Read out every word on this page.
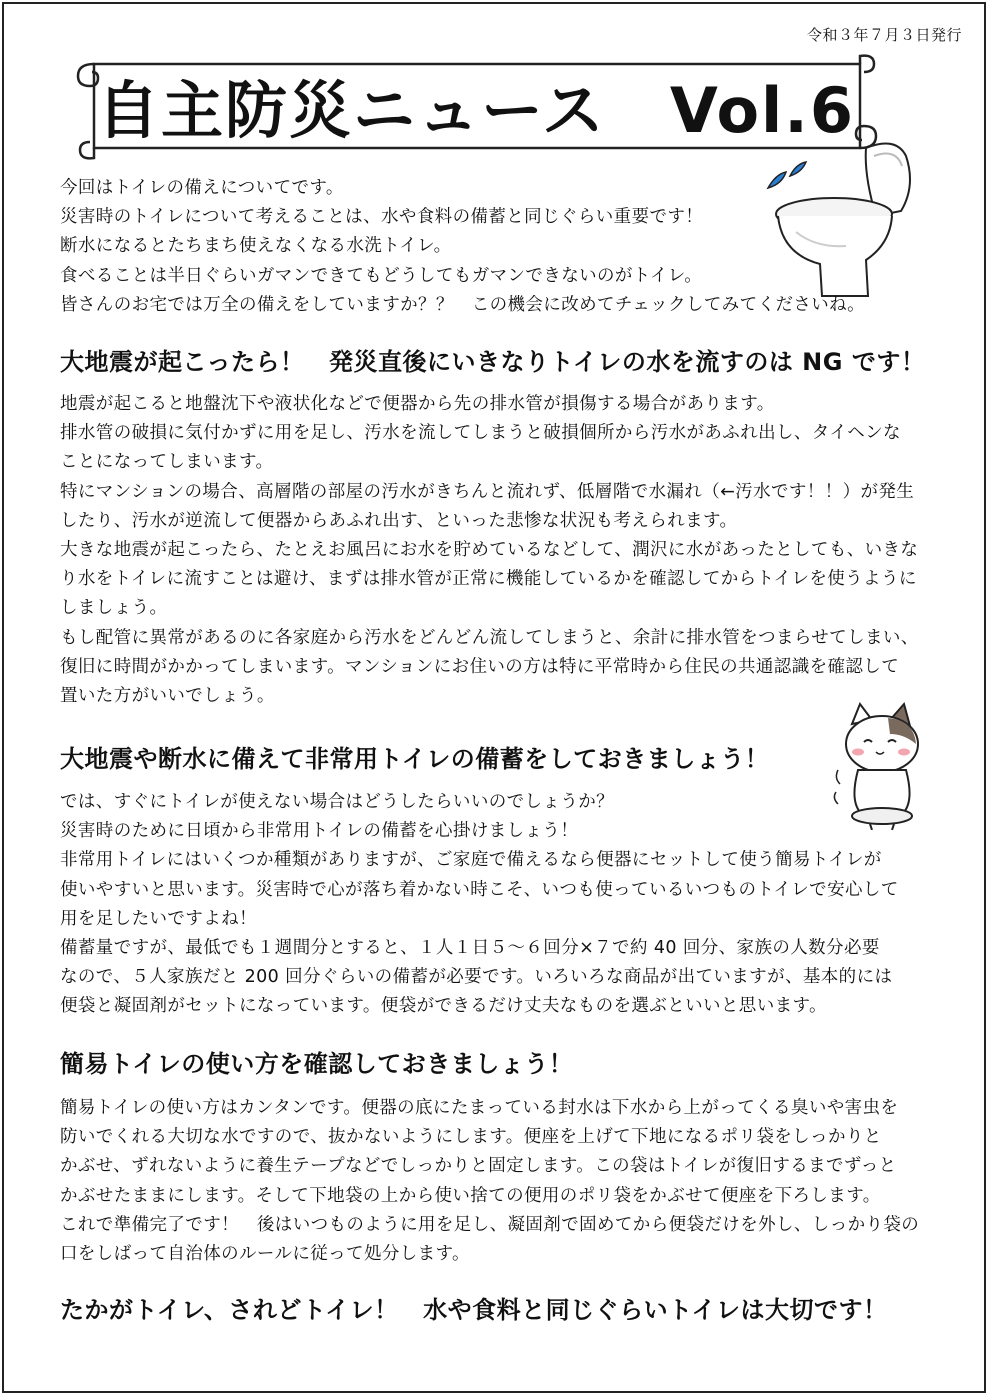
令和３年７月３日発行
自主防災ニュース　Vol.6

今回はトイレの備えについてです。

災害時のトイレについて考えることは、水や食料の備蓄と同じぐらい重要です！

断水になるとたちまち使えなくなる水洗トイレ。

食べることは半日ぐらいガマンできてもどうしてもガマンできないのがトイレ。

皆さんのお宅では万全の備えをしていますか？？　この機会に改めてチェックしてみてくださいね。

大地震が起こったら！　発災直後にいきなりトイレの水を流すのは NG です！

地震が起こると地盤沈下や液状化などで便器から先の排水管が損傷する場合があります。

排水管の破損に気付かずに用を足し、汚水を流してしまうと破損個所から汚水があふれ出し、タイヘンな

ことになってしまいます。

特にマンションの場合、高層階の部屋の汚水がきちんと流れず、低層階で水漏れ（←汚水です！！）が発生

したり、汚水が逆流して便器からあふれ出す、といった悲惨な状況も考えられます。

大きな地震が起こったら、たとえお風呂にお水を貯めているなどして、潤沢に水があったとしても、いきな

り水をトイレに流すことは避け、まずは排水管が正常に機能しているかを確認してからトイレを使うように

しましょう。

もし配管に異常があるのに各家庭から汚水をどんどん流してしまうと、余計に排水管をつまらせてしまい、

復旧に時間がかかってしまいます。マンションにお住いの方は特に平常時から住民の共通認識を確認して

置いた方がいいでしょう。

大地震や断水に備えて非常用トイレの備蓄をしておきましょう！

では、すぐにトイレが使えない場合はどうしたらいいのでしょうか？

災害時のために日頃から非常用トイレの備蓄を心掛けましょう！

非常用トイレにはいくつか種類がありますが、ご家庭で備えるなら便器にセットして使う簡易トイレが

使いやすいと思います。災害時で心が落ち着かない時こそ、いつも使っているいつものトイレで安心して

用を足したいですよね！

備蓄量ですが、最低でも１週間分とすると、１人１日５～６回分×７で約 40 回分、家族の人数分必要

なので、５人家族だと 200 回分ぐらいの備蓄が必要です。いろいろな商品が出ていますが、基本的には

便袋と凝固剤がセットになっています。便袋ができるだけ丈夫なものを選ぶといいと思います。

簡易トイレの使い方を確認しておきましょう！

簡易トイレの使い方はカンタンです。便器の底にたまっている封水は下水から上がってくる臭いや害虫を

防いでくれる大切な水ですので、抜かないようにします。便座を上げて下地になるポリ袋をしっかりと

かぶせ、ずれないように養生テープなどでしっかりと固定します。この袋はトイレが復旧するまでずっと

かぶせたままにします。そして下地袋の上から使い捨ての便用のポリ袋をかぶせて便座を下ろします。

これで準備完了です！　後はいつものように用を足し、凝固剤で固めてから便袋だけを外し、しっかり袋の

口をしばって自治体のルールに従って処分します。

たかがトイレ、されどトイレ！　水や食料と同じぐらいトイレは大切です！
